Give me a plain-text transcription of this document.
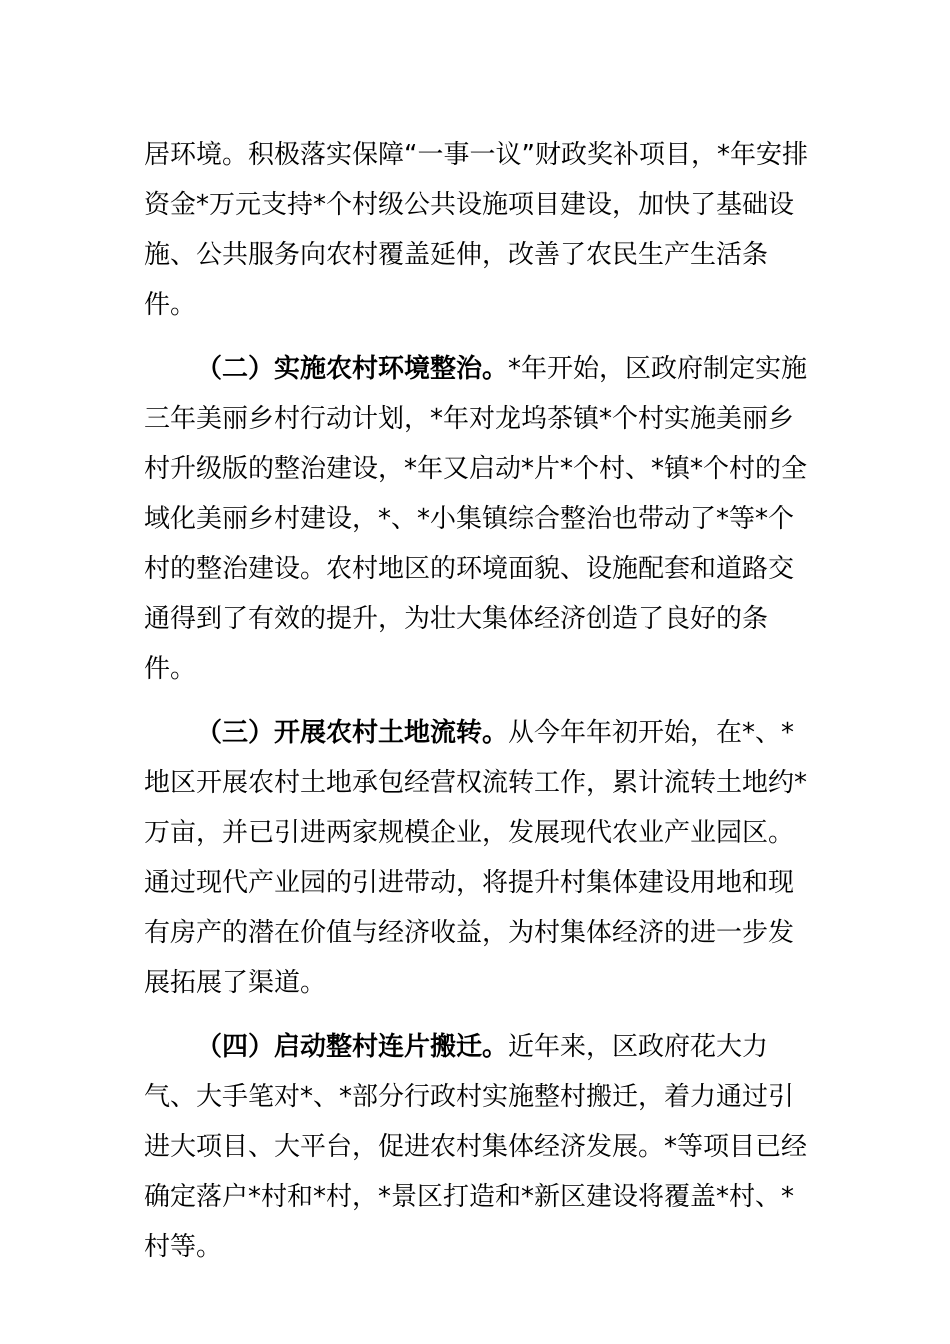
居环境。积极落实保障“一事一议”财政奖补项目，*年安排资金*万元支持*个村级公共设施项目建设，加快了基础设施、公共服务向农村覆盖延伸，改善了农民生产生活条件。

（二）实施农村环境整治。*年开始，区政府制定实施三年美丽乡村行动计划，*年对龙坞茶镇*个村实施美丽乡村升级版的整治建设，*年又启动*片*个村、*镇*个村的全域化美丽乡村建设，*、*小集镇综合整治也带动了*等*个村的整治建设。农村地区的环境面貌、设施配套和道路交通得到了有效的提升，为壮大集体经济创造了良好的条件。

（三）开展农村土地流转。从今年年初开始，在*、*地区开展农村土地承包经营权流转工作，累计流转土地约*万亩，并已引进两家规模企业，发展现代农业产业园区。通过现代产业园的引进带动，将提升村集体建设用地和现有房产的潜在价值与经济收益，为村集体经济的进一步发展拓展了渠道。

（四）启动整村连片搬迁。近年来，区政府花大力气、大手笔对*、*部分行政村实施整村搬迁，着力通过引进大项目、大平台，促进农村集体经济发展。*等项目已经确定落户*村和*村，*景区打造和*新区建设将覆盖*村、*村等。
